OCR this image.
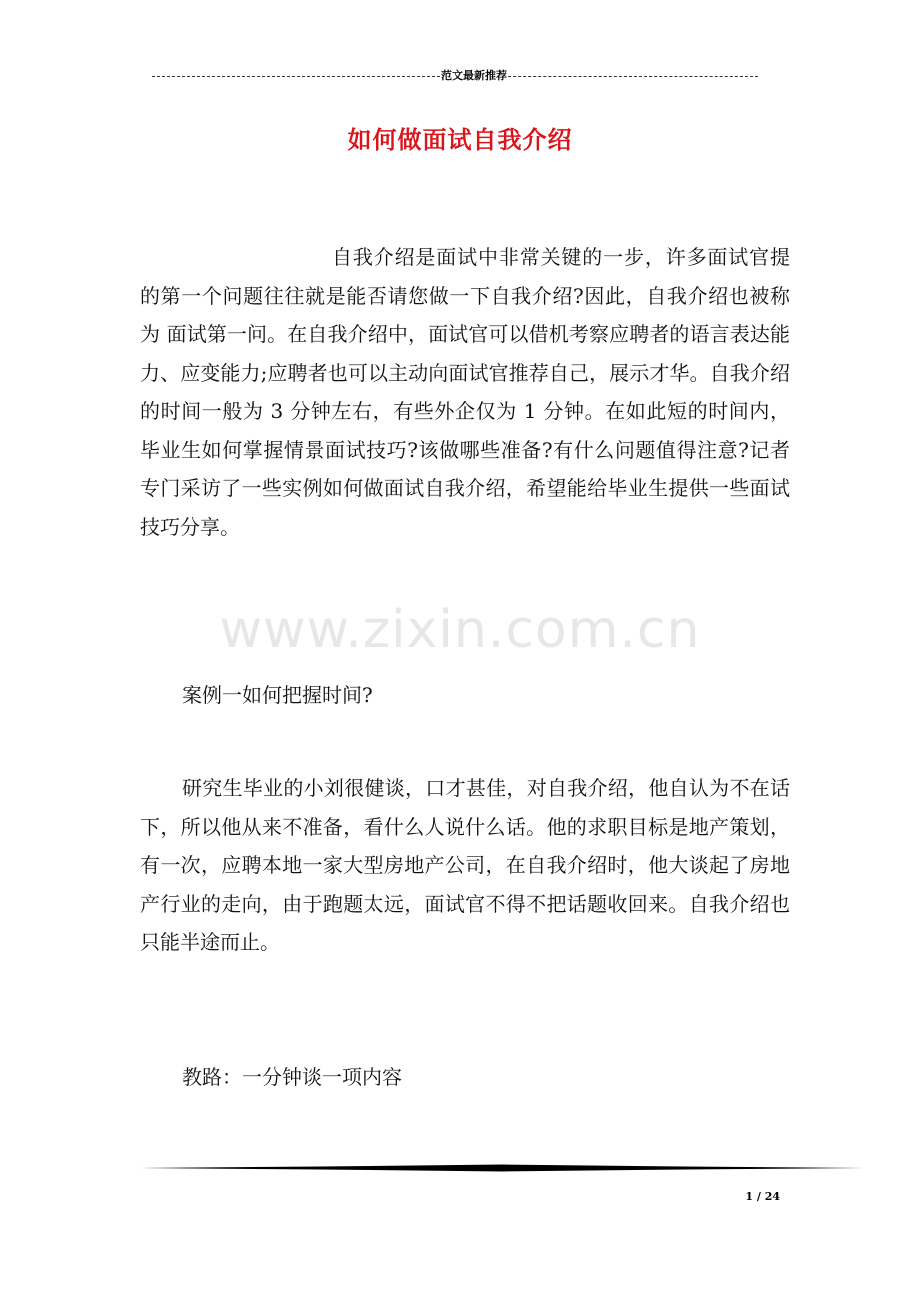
范文最新推荐
如何做面试自我介绍
www.zixin.com.cn
自我介绍是面试中非常关键的一步，许多面试官提的第一个问题往往就是能否请您做一下自我介绍?因此，自我介绍也被称为 面试第一问。在自我介绍中，面试官可以借机考察应聘者的语言表达能力、应变能力;应聘者也可以主动向面试官推荐自己，展示才华。自我介绍的时间一般为 3 分钟左右，有些外企仅为 1 分钟。在如此短的时间内，毕业生如何掌握情景面试技巧?该做哪些准备?有什么问题值得注意?记者专门采访了一些实例如何做面试自我介绍，希望能给毕业生提供一些面试技巧分享。
案例一如何把握时间?
研究生毕业的小刘很健谈，口才甚佳，对自我介绍，他自认为不在话下，所以他从来不准备，看什么人说什么话。他的求职目标是地产策划，有一次，应聘本地一家大型房地产公司，在自我介绍时，他大谈起了房地产行业的走向，由于跑题太远，面试官不得不把话题收回来。自我介绍也只能半途而止。
教路：一分钟谈一项内容
1 / 24
